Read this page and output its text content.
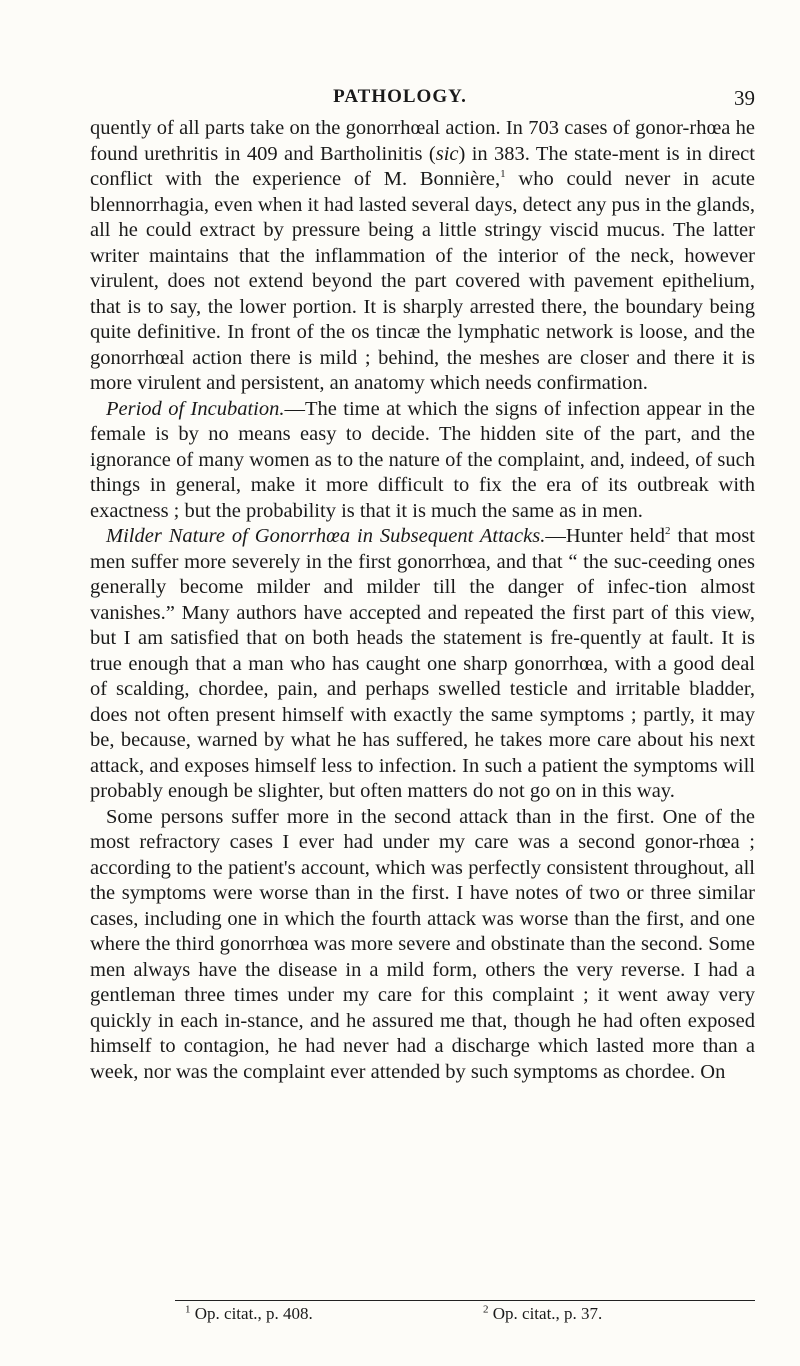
PATHOLOGY.	39

quently of all parts take on the gonorrhœal action. In 703 cases of gonor-rhœa he found urethritis in 409 and Bartholinitis (sic) in 383. The state-ment is in direct conflict with the experience of M. Bonnière,$^1$ who could never in acute blennorrhagia, even when it had lasted several days, detect any pus in the glands, all he could extract by pressure being a little stringy viscid mucus. The latter writer maintains that the inflammation of the interior of the neck, however virulent, does not extend beyond the part covered with pavement epithelium, that is to say, the lower portion. It is sharply arrested there, the boundary being quite definitive. In front of the os tincæ the lymphatic network is loose, and the gonorrhœal action there is mild ; behind, the meshes are closer and there it is more virulent and persistent, an anatomy which needs confirmation.

Period of Incubation.—The time at which the signs of infection appear in the female is by no means easy to decide. The hidden site of the part, and the ignorance of many women as to the nature of the complaint, and, indeed, of such things in general, make it more difficult to fix the era of its outbreak with exactness ; but the probability is that it is much the same as in men.

Milder Nature of Gonorrhœa in Subsequent Attacks.—Hunter held$^2$ that most men suffer more severely in the first gonorrhœa, and that “ the suc-ceeding ones generally become milder and milder till the danger of infec-tion almost vanishes.” Many authors have accepted and repeated the first part of this view, but I am satisfied that on both heads the statement is fre-quently at fault. It is true enough that a man who has caught one sharp gonorrhœa, with a good deal of scalding, chordee, pain, and perhaps swelled testicle and irritable bladder, does not often present himself with exactly the same symptoms ; partly, it may be, because, warned by what he has suffered, he takes more care about his next attack, and exposes himself less to infection. In such a patient the symptoms will probably enough be slighter, but often matters do not go on in this way.

Some persons suffer more in the second attack than in the first. One of the most refractory cases I ever had under my care was a second gonor-rhœa ; according to the patient's account, which was perfectly consistent throughout, all the symptoms were worse than in the first. I have notes of two or three similar cases, including one in which the fourth attack was worse than the first, and one where the third gonorrhœa was more severe and obstinate than the second. Some men always have the disease in a mild form, others the very reverse. I had a gentleman three times under my care for this complaint ; it went away very quickly in each in-stance, and he assured me that, though he had often exposed himself to contagion, he had never had a discharge which lasted more than a week, nor was the complaint ever attended by such symptoms as chordee. On

$^1$ Op. citat., p. 408.	$^2$ Op. citat., p. 37.
